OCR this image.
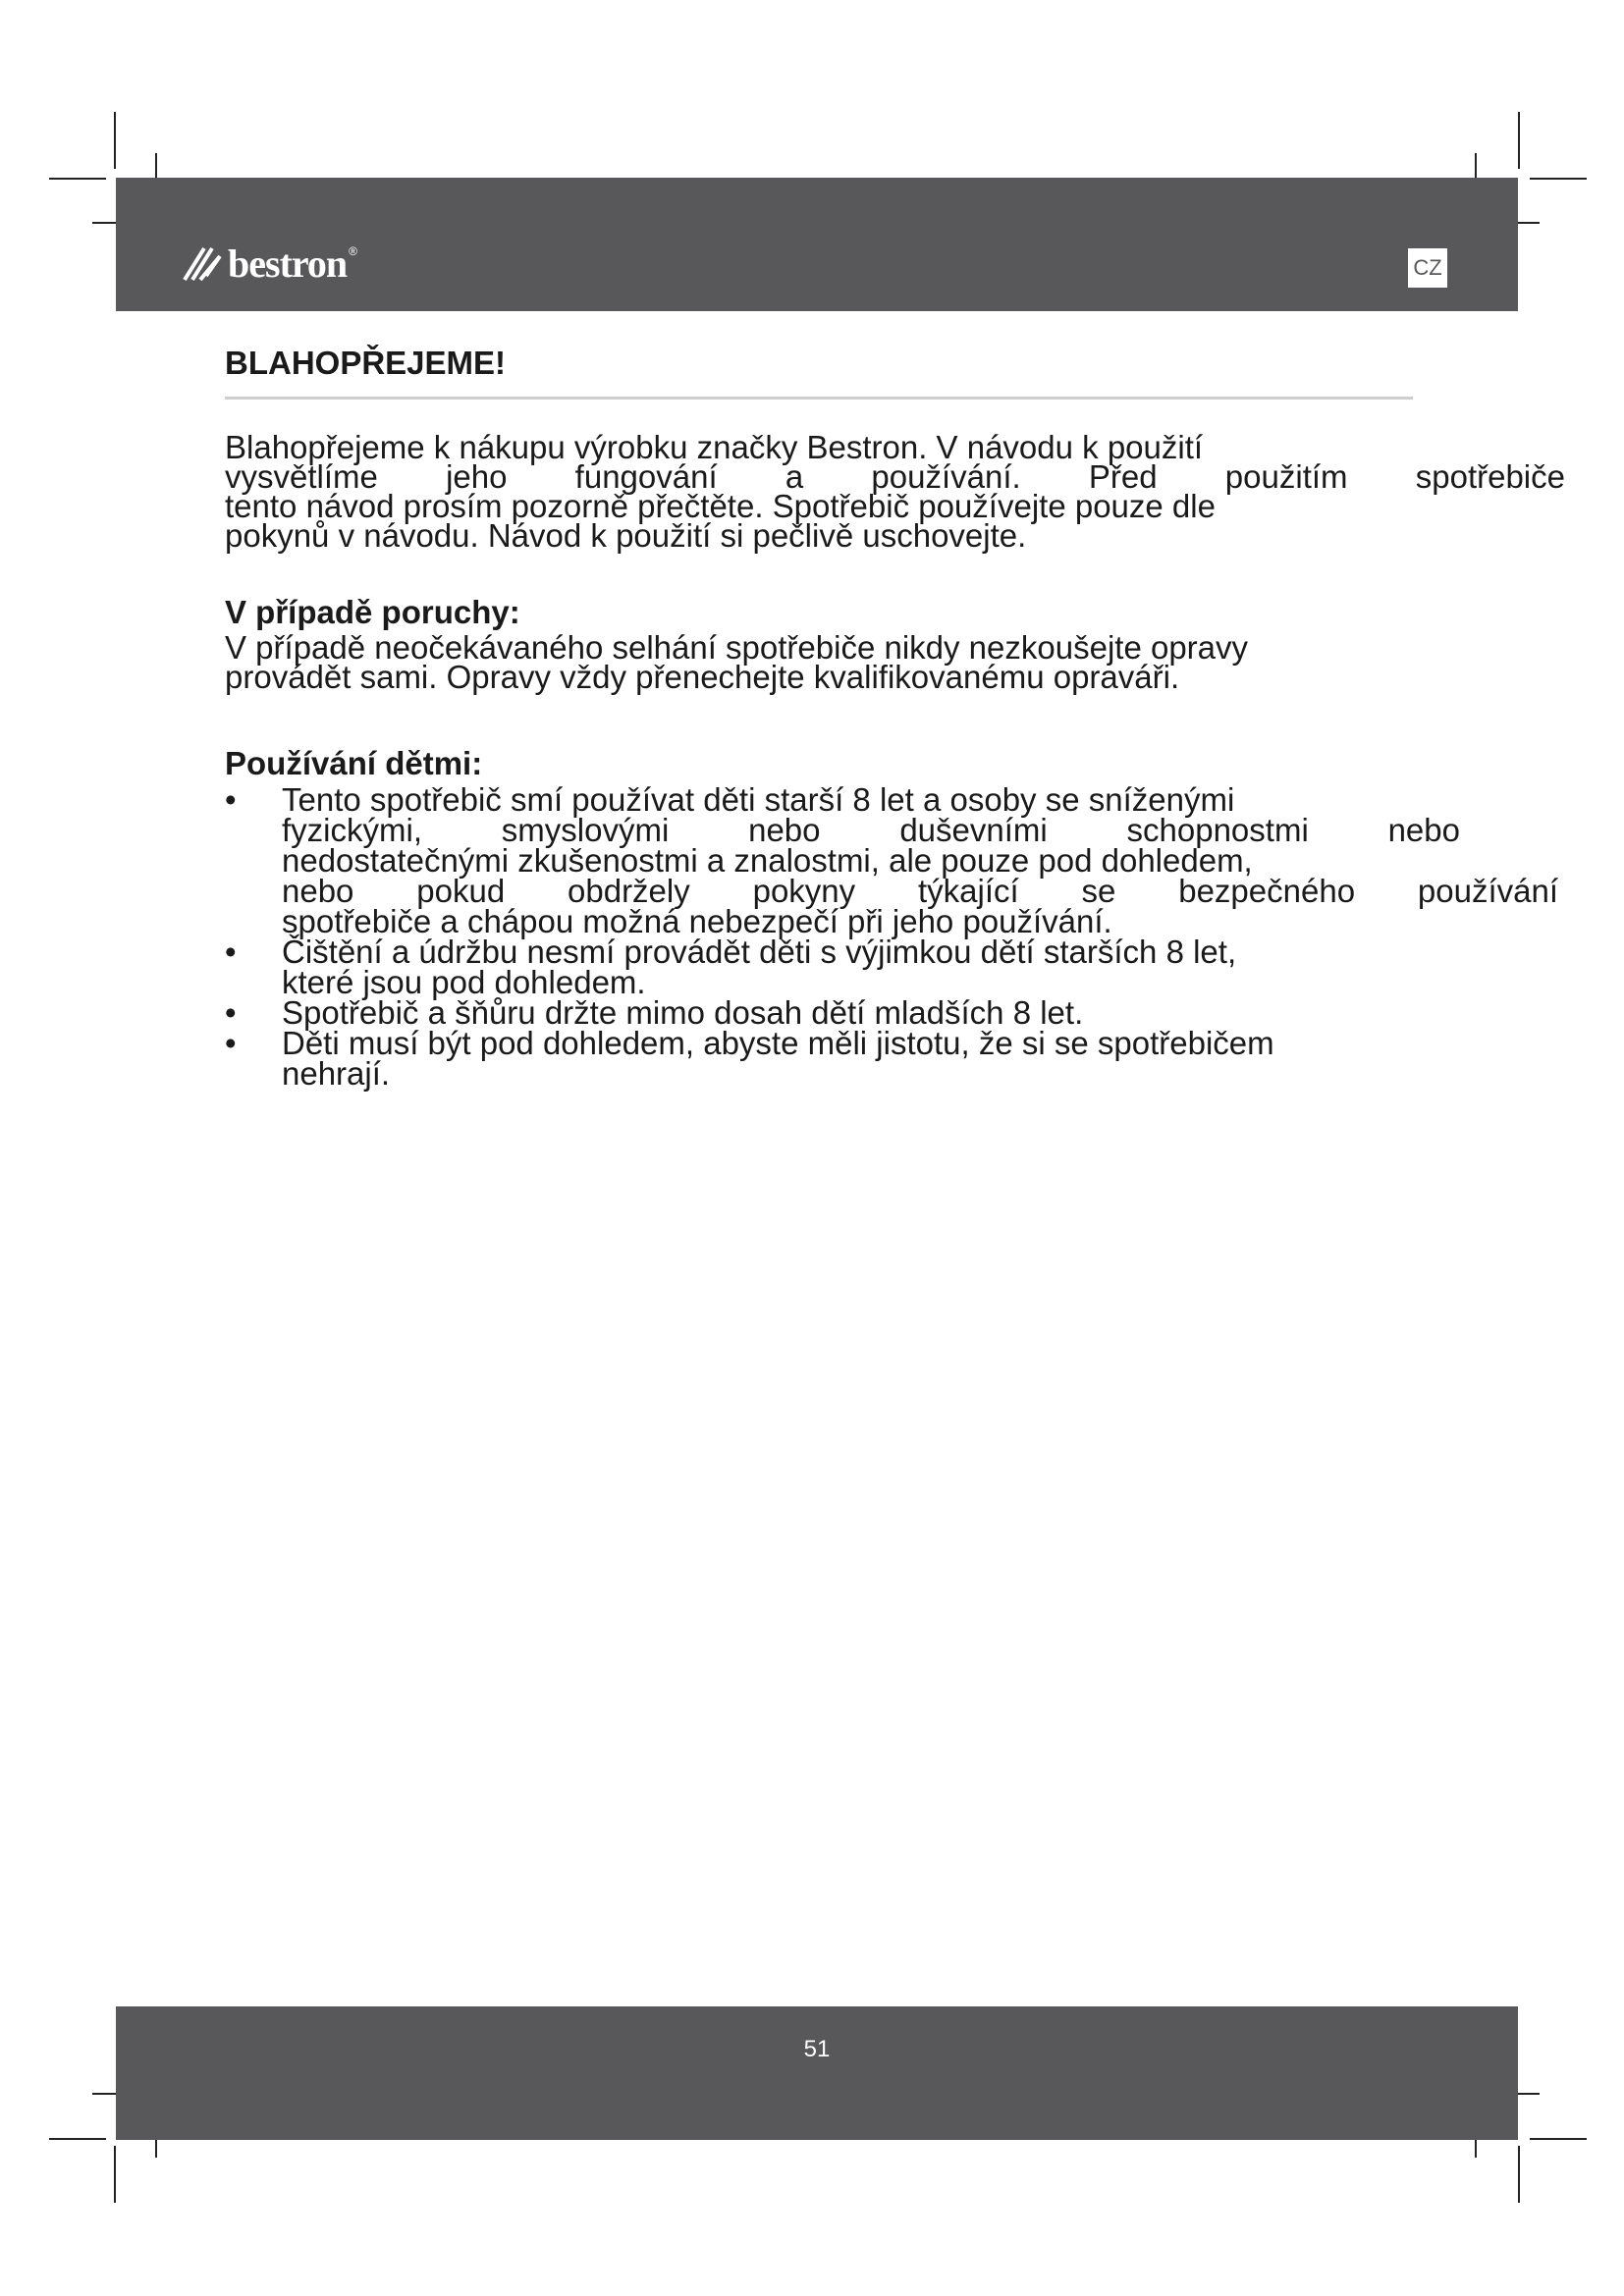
bestron ®
CZ
BLAHOPŘEJEME!
Blahopřejeme k nákupu výrobku značky Bestron. V návodu k použití
vysvětlíme jeho fungování a používání. Před použitím spotřebiče
tento návod prosím pozorně přečtěte. Spotřebič používejte pouze dle
pokynů v návodu. Návod k použití si pečlivě uschovejte.
V případě poruchy:
V případě neočekávaného selhání spotřebiče nikdy nezkoušejte opravy
provádět sami. Opravy vždy přenechejte kvalifikovanému opraváři.
Používání dětmi:
• Tento spotřebič smí používat děti starší 8 let a osoby se sníženými
fyzickými, smyslovými nebo duševními schopnostmi nebo
nedostatečnými zkušenostmi a znalostmi, ale pouze pod dohledem,
nebo pokud obdržely pokyny týkající se bezpečného používání
spotřebiče a chápou možná nebezpečí při jeho používání.
• Čištění a údržbu nesmí provádět děti s výjimkou dětí starších 8 let,
které jsou pod dohledem.
• Spotřebič a šňůru držte mimo dosah dětí mladších 8 let.
• Děti musí být pod dohledem, abyste měli jistotu, že si se spotřebičem
nehrají.
51
